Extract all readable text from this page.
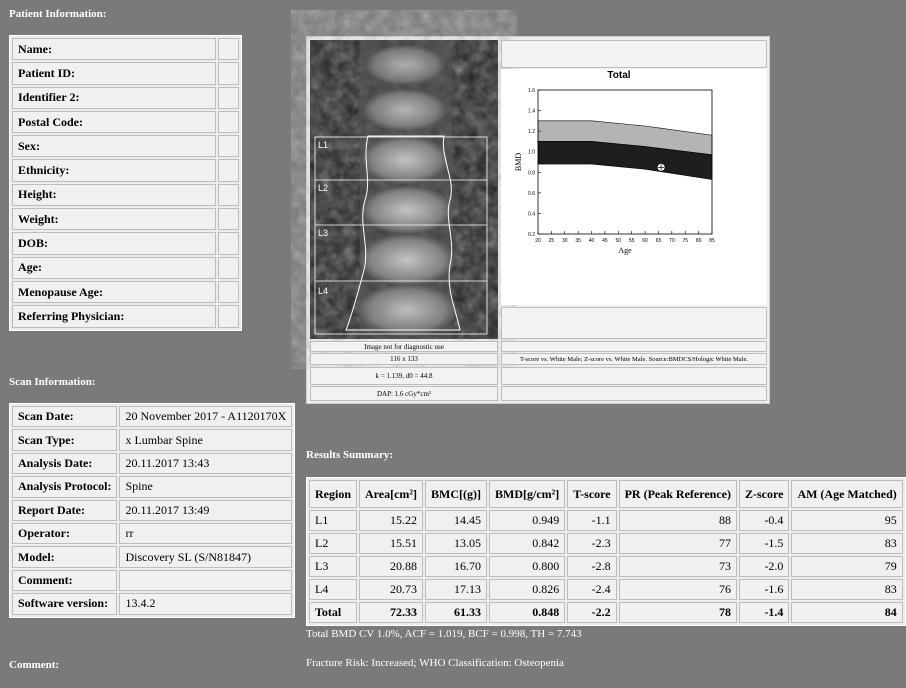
Patient Information:
Name:	
Patient ID:	
Identifier 2:	
Postal Code:	
Sex:	
Ethnicity:	
Height:	
Weight:	
DOB:	
Age:	
Menopause Age:	
Referring Physician:	
Scan Information:
Scan Date:	20 November 2017 - A1120170X
Scan Type:	x Lumbar Spine
Analysis Date:	20.11.2017 13:43
Analysis Protocol:	Spine
Report Date:	20.11.2017 13:49
Operator:	rr
Model:	Discovery SL (S/N81847)
Comment:	
Software version:	13.4.2
L1
L2
L3
L4
Total
20 25 30 35 40 45 50 55 60 65 70 75 80 85
0.2
0.4
0.6
0.8
1.0
1.2
1.4
1.6
BMD
Age
Image not for diagnostic use
116 x 133	T-score vs. White Male; Z-score vs. White Male. Source:BMDCS/Hologic White Male.
k = 1.139, d0 = 44.8
DAP: 1.6 cGy*cm²
Results Summary:
Region	Area[cm²]	BMC[(g)]	BMD[g/cm²]	T-score	PR (Peak Reference)	Z-score	AM (Age Matched)
L1	15.22	14.45	0.949	-1.1	88	-0.4	95
L2	15.51	13.05	0.842	-2.3	77	-1.5	83
L3	20.88	16.70	0.800	-2.8	73	-2.0	79
L4	20.73	17.13	0.826	-2.4	76	-1.6	83
Total	72.33	61.33	0.848	-2.2	78	-1.4	84
Total BMD CV 1.0%, ACF = 1.019, BCF = 0.998, TH = 7.743
Fracture Risk: Increased; WHO Classification: Osteopenia
Comment:
